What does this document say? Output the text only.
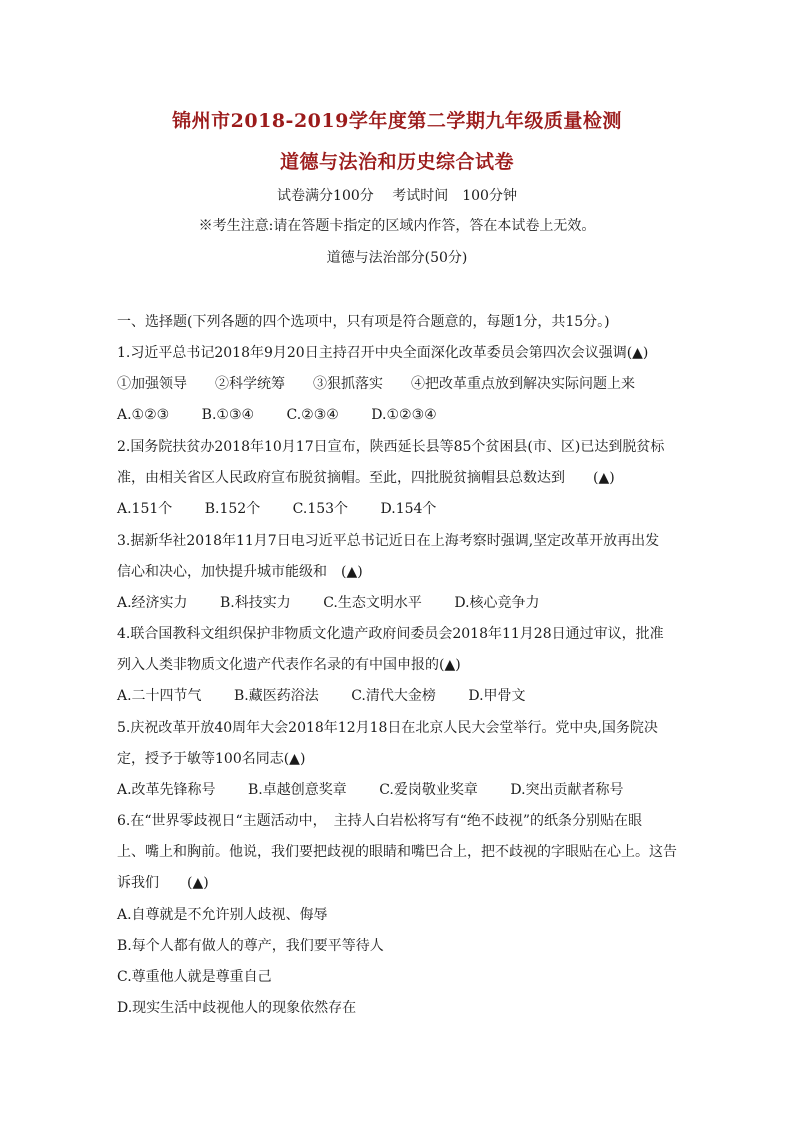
锦州市2018-2019学年度第二学期九年级质量检测
道德与法治和历史综合试卷
试卷满分100分　 考试时间　100分钟
※考生注意:请在答题卡指定的区域内作答，答在本试卷上无效。
道德与法治部分(50分)
一、选择题(下列各题的四个选项中，只有项是符合题意的，每题1分，共15分。)
1.习近平总书记2018年9月20日主持召开中央全面深化改革委员会第四次会议强调(▲)
①加强领导　　②科学统筹　　③狠抓落实　　④把改革重点放到解决实际问题上来
A.①②③ B.①③④ C.②③④ D.①②③④
2.国务院扶贫办2018年10月17日宣布，陕西延长县等85个贫困县(市、区)已达到脱贫标
准，由相关省区人民政府宣布脱贫摘帽。至此，四批脱贫摘帽县总数达到　　(▲)
A.151个 B.152个 C.153个 D.154个
3.据新华社2018年11月7日电习近平总书记近日在上海考察时强调,坚定改革开放再出发
信心和决心，加快提升城市能级和　(▲)
A.经济实力 B.科技实力 C.生态文明水平 D.核心竞争力
4.联合国教科文组织保护非物质文化遗产政府间委员会2018年11月28日通过审议，批准
列入人类非物质文化遗产代表作名录的有中国申报的(▲)
A.二十四节气 B.藏医药浴法 C.清代大金榜 D.甲骨文
5.庆祝改革开放40周年大会2018年12月18日在北京人民大会堂举行。党中央,国务院决
定，授予于敏等100名同志(▲)
A.改革先锋称号 B.卓越创意奖章 C.爱岗敬业奖章 D.突出贡献者称号
6.在“世界零歧视日“主题活动中，　主持人白岩松将写有“绝不歧视”的纸条分别贴在眼
上、嘴上和胸前。他说，我们要把歧视的眼睛和嘴巴合上，把不歧视的字眼贴在心上。这告
诉我们　　(▲)
A.自尊就是不允许别人歧视、侮辱
B.每个人都有做人的尊产，我们要平等待人
C.尊重他人就是尊重自己
D.现实生活中歧视他人的现象依然存在
